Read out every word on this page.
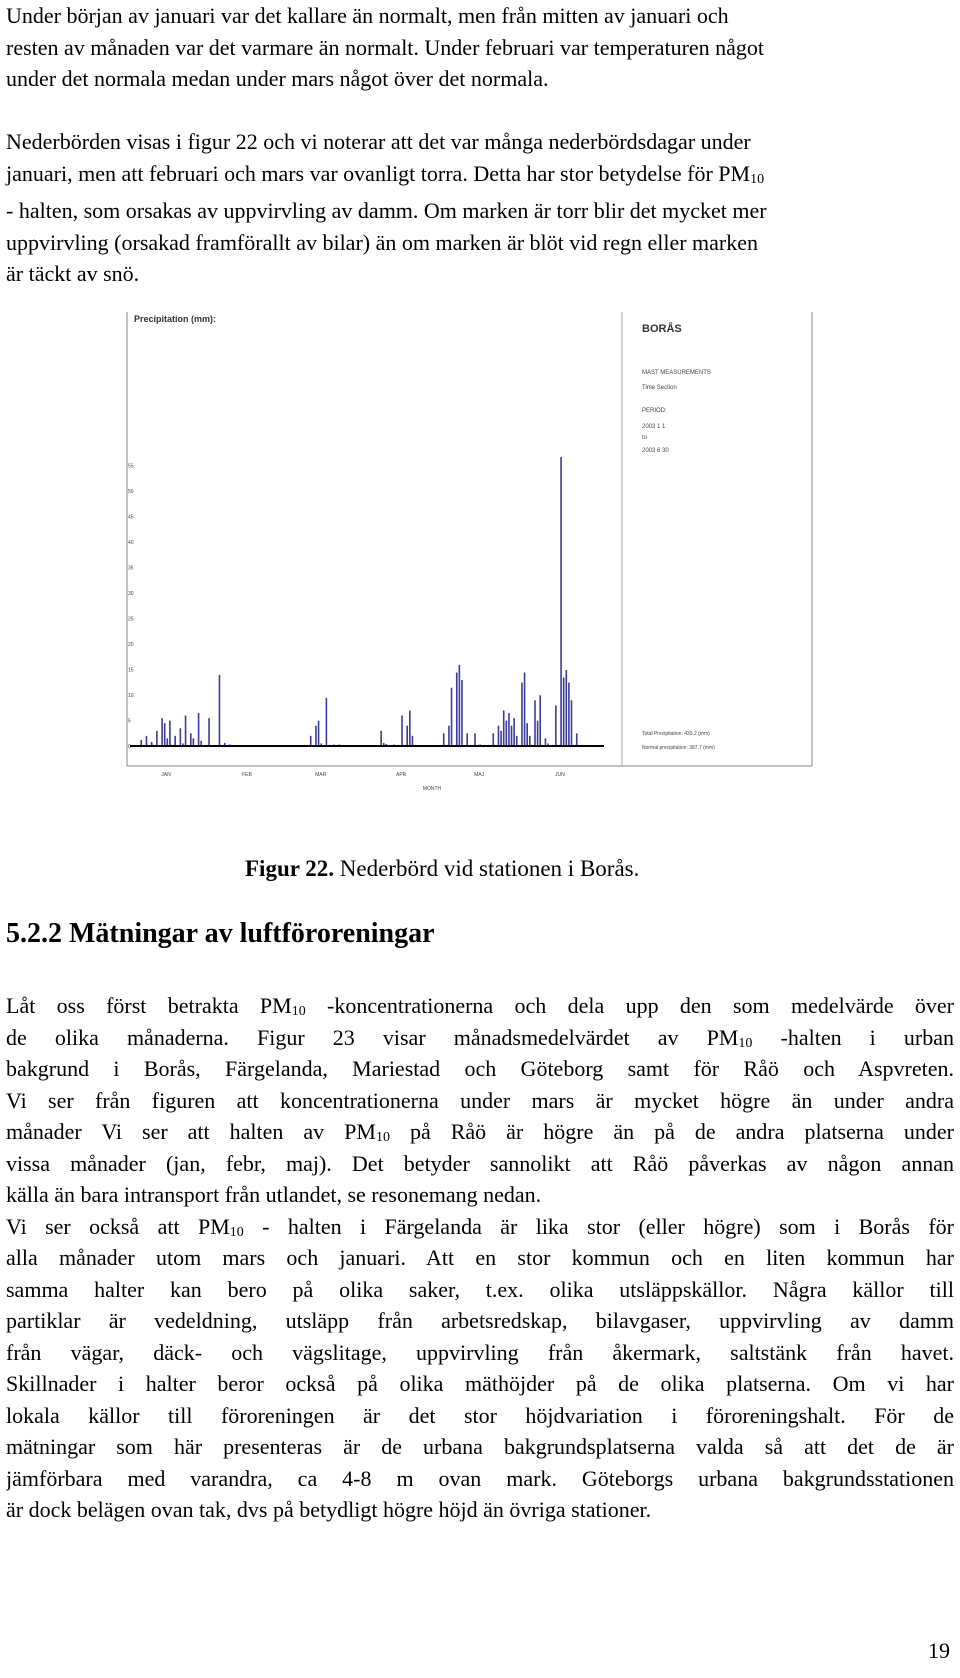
Under början av januari var det kallare än normalt, men från mitten av januari och
resten av månaden var det varmare än normalt. Under februari var temperaturen något
under det normala medan under mars något över det normala.
Nederbörden visas i figur 22 och vi noterar att det var många nederbördsdagar under
januari, men att februari och mars var ovanligt torra. Detta har stor betydelse för $PM_{10}$
- halten, som orsakas av uppvirvling av damm. Om marken är torr blir det mycket mer
uppvirvling (orsakad framförallt av bilar) än om marken är blöt vid regn eller marken
är täckt av snö.
Precipitation (mm):
BORÅS
MAST MEASUREMENTS
Time Section
PERIOD:
2003 1 1
to
2003 6 30
Total Precipitation: 433.2 (mm)
Normal precipitation: 387.7 (mm)
MONTH
0
5
10
15
20
25
30
35
40
45
50
55
JAN	FEB	MAR	APR	MAJ	JUN
Figur 22. Nederbörd vid stationen i Borås.
5.2.2 Mätningar av luftföroreningar
Låt oss först betrakta $PM_{10}$ -koncentrationerna och dela upp den som medelvärde över
de olika månaderna. Figur 23 visar månadsmedelvärdet av $PM_{10}$ -halten i urban
bakgrund i Borås, Färgelanda, Mariestad och Göteborg samt för Råö och Aspvreten.
Vi ser från figuren att koncentrationerna under mars är mycket högre än under andra
månader Vi ser att halten av $PM_{10}$ på Råö är högre än på de andra platserna under
vissa månader (jan, febr, maj). Det betyder sannolikt att Råö påverkas av någon annan
källa än bara intransport från utlandet, se resonemang nedan.
Vi ser också att $PM_{10}$ - halten i Färgelanda är lika stor (eller högre) som i Borås för
alla månader utom mars och januari. Att en stor kommun och en liten kommun har
samma halter kan bero på olika saker, t.ex. olika utsläppskällor. Några källor till
partiklar är vedeldning, utsläpp från arbetsredskap, bilavgaser, uppvirvling av damm
från vägar, däck- och vägslitage, uppvirvling från åkermark, saltstänk från havet.
Skillnader i halter beror också på olika mäthöjder på de olika platserna. Om vi har
lokala källor till föroreningen är det stor höjdvariation i föroreningshalt. För de
mätningar som här presenteras är de urbana bakgrundsplatserna valda så att det de är
jämförbara med varandra, ca 4-8 m ovan mark. Göteborgs urbana bakgrundsstationen
är dock belägen ovan tak, dvs på betydligt högre höjd än övriga stationer.
19
